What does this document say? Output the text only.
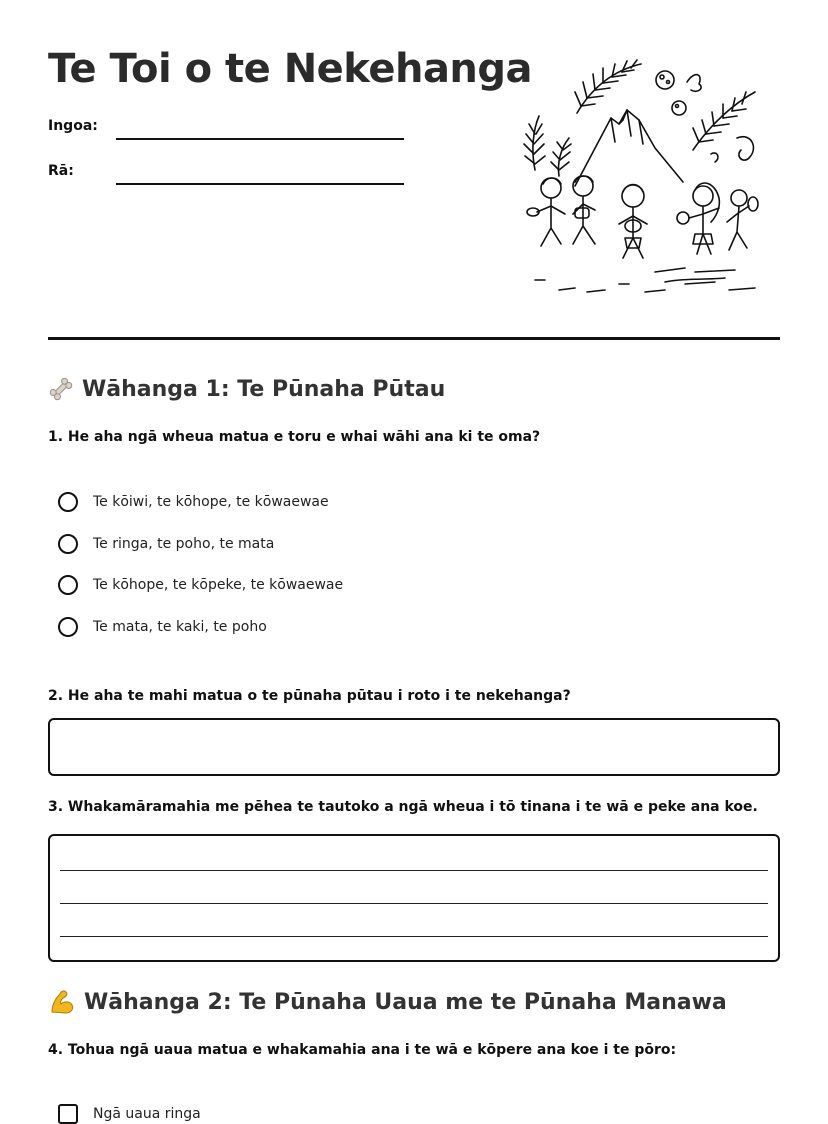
Te Toi o te Nekehanga
Ingoa:
Rā:
Wāhanga 1: Te Pūnaha Pūtau
1. He aha ngā wheua matua e toru e whai wāhi ana ki te oma?
Te kōiwi, te kōhope, te kōwaewae
Te ringa, te poho, te mata
Te kōhope, te kōpeke, te kōwaewae
Te mata, te kaki, te poho
2. He aha te mahi matua o te pūnaha pūtau i roto i te nekehanga?
3. Whakamāramahia me pēhea te tautoko a ngā wheua i tō tinana i te wā e peke ana koe.
Wāhanga 2: Te Pūnaha Uaua me te Pūnaha Manawa
4. Tohua ngā uaua matua e whakamahia ana i te wā e kōpere ana koe i te pōro:
Ngā uaua ringa
